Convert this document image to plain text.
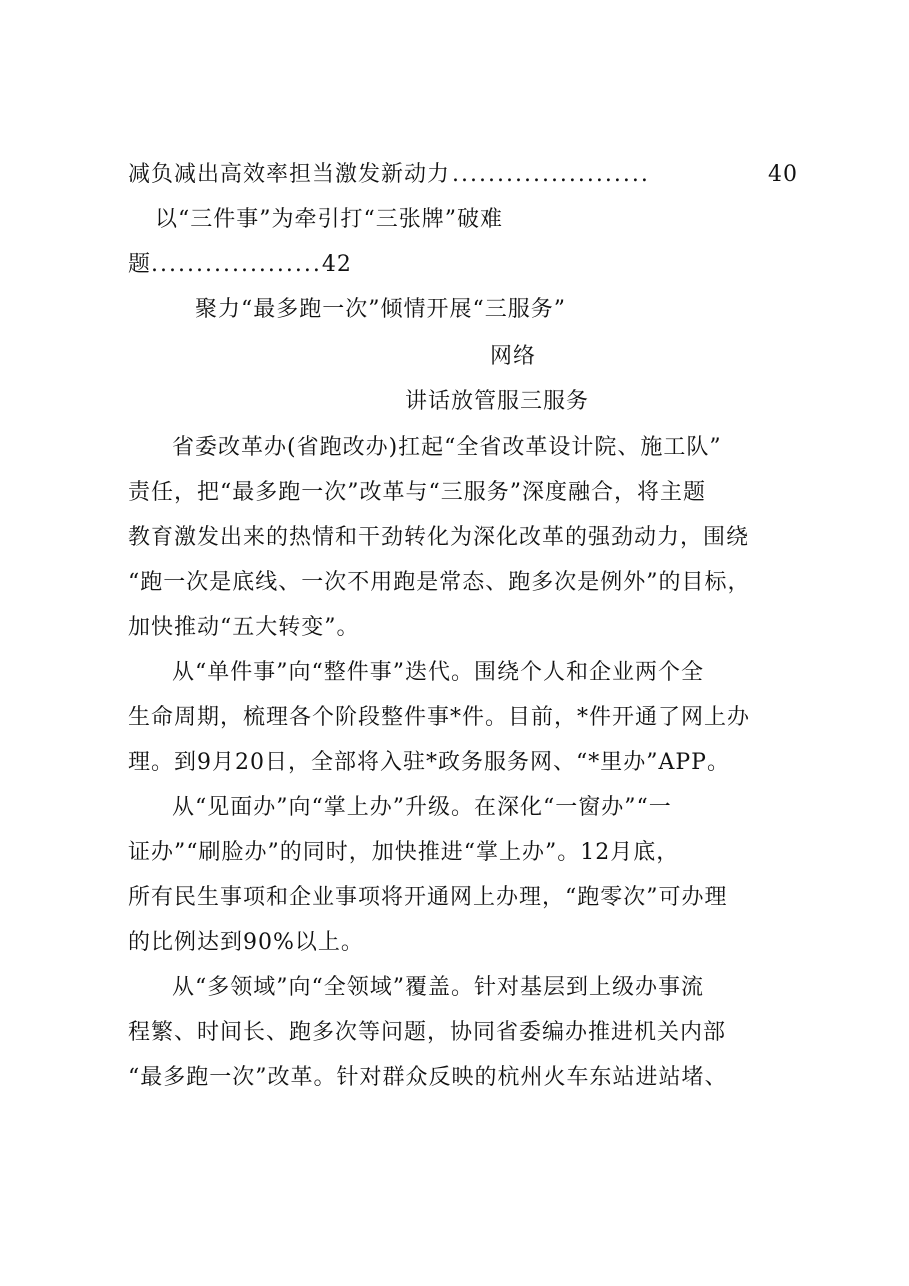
减负减出高效率担当激发新动力 ......................	40
以“三件事”为牵引打“三张牌”破难
题...................42
聚力“最多跑一次”倾情开展“三服务”
网络
讲话放管服三服务
省委改革办(省跑改办)扛起“全省改革设计院、施工队”
责任，把“最多跑一次”改革与“三服务”深度融合，将主题
教育激发出来的热情和干劲转化为深化改革的强劲动力，围绕
“跑一次是底线、一次不用跑是常态、跑多次是例外”的目标，
加快推动“五大转变”。
从“单件事”向“整件事”迭代。围绕个人和企业两个全
生命周期，梳理各个阶段整件事*件。目前，*件开通了网上办
理。到9月20日，全部将入驻*政务服务网、“*里办”APP。
从“见面办”向“掌上办”升级。在深化“一窗办”“一
证办”“刷脸办”的同时，加快推进“掌上办”。12月底，
所有民生事项和企业事项将开通网上办理，“跑零次”可办理
的比例达到90%以上。
从“多领域”向“全领域”覆盖。针对基层到上级办事流
程繁、时间长、跑多次等问题，协同省委编办推进机关内部
“最多跑一次”改革。针对群众反映的杭州火车东站进站堵、
